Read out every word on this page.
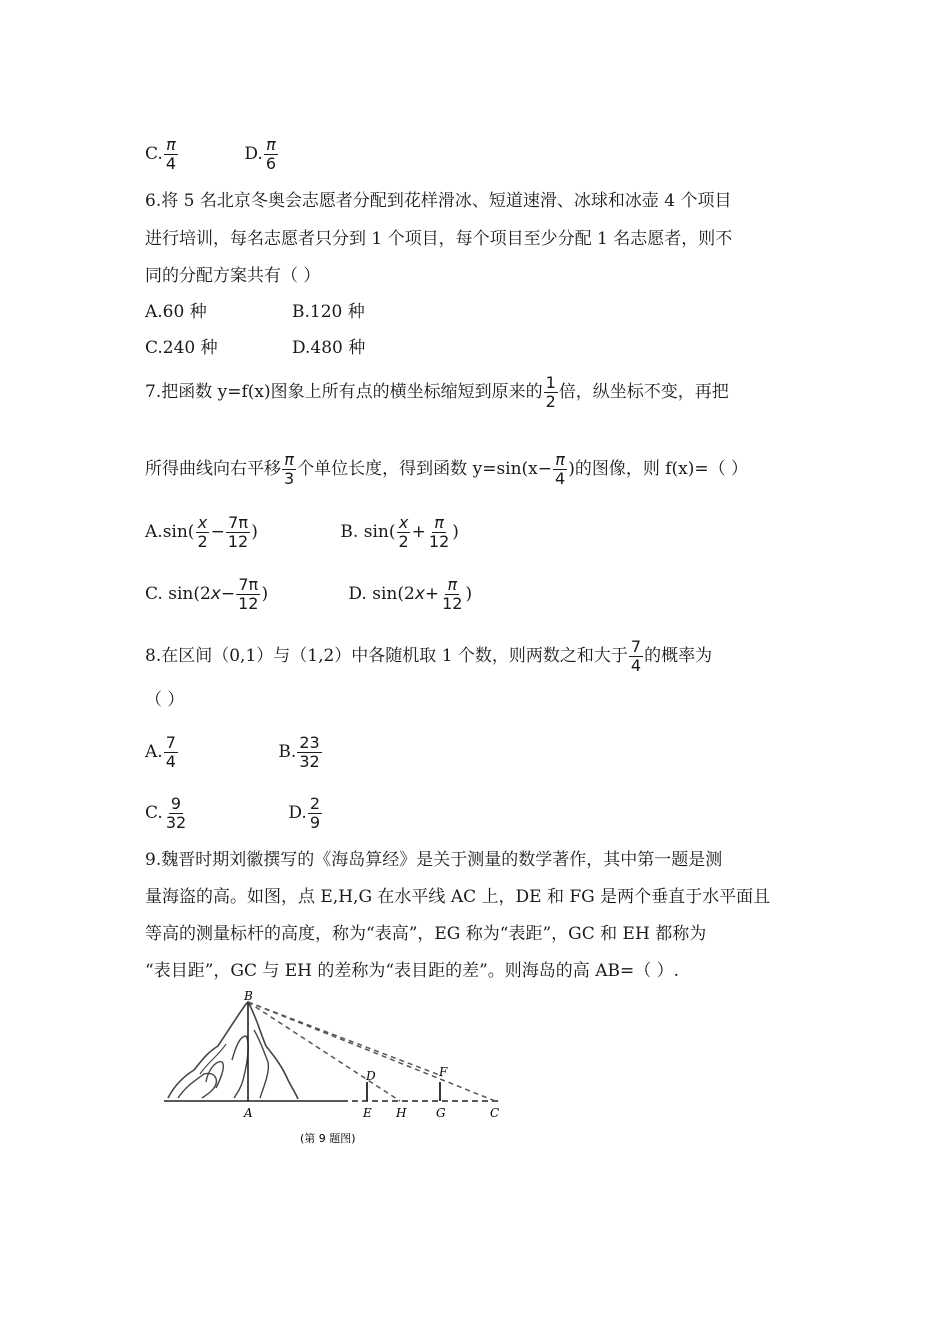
C. $\frac{\pi}{4}$	D. $\frac{\pi}{6}$
6.将 5 名北京冬奥会志愿者分配到花样滑冰、短道速滑、冰球和冰壶 4 个项目
进行培训，每名志愿者只分到 1 个项目，每个项目至少分配 1 名志愿者，则不
同的分配方案共有（ ）
A.60 种	B.120 种
C.240 种	D.480 种
7.把函数 y=f(x)图象上所有点的横坐标缩短到原来的 $\frac{1}{2}$ 倍，纵坐标不变，再把
所得曲线向右平移 $\frac{\pi}{3}$ 个单位长度，得到函数 $y=\sin(x- \frac{\pi}{4}$ )的图像，则 f(x)=（ ）
$A.\sin( \frac{x}{2} - \frac{7\pi}{12}$ )	B. $\sin( \frac{x}{2} + \frac{\pi}{12}$ )
C. $\sin(2x- \frac{7\pi}{12}$ )	D. $\sin(2x+ \frac{\pi}{12}$ )
8.在区间（0,1）与（1,2）中各随机取 1 个数，则两数之和大于 $\frac{7}{4}$ 的概率为
（ ）
A. $\frac{7}{4}$	B. $\frac{23}{32}$
C. $\frac{9}{32}$	D. $\frac{2}{9}$
9.魏晋时期刘徽撰写的《海岛算经》是关于测量的数学著作，其中第一题是测
量海盗的高。如图，点 E,H,G 在水平线 AC 上，DE 和 FG 是两个垂直于水平面且
等高的测量标杆的高度，称为“表高”，EG 称为“表距”，GC 和 EH 都称为
“表目距”，GC 与 EH 的差称为“表目距的差”。则海岛的高 AB=（ ）.
B
A
D
E H
F
G	C
(第 9 题图)
